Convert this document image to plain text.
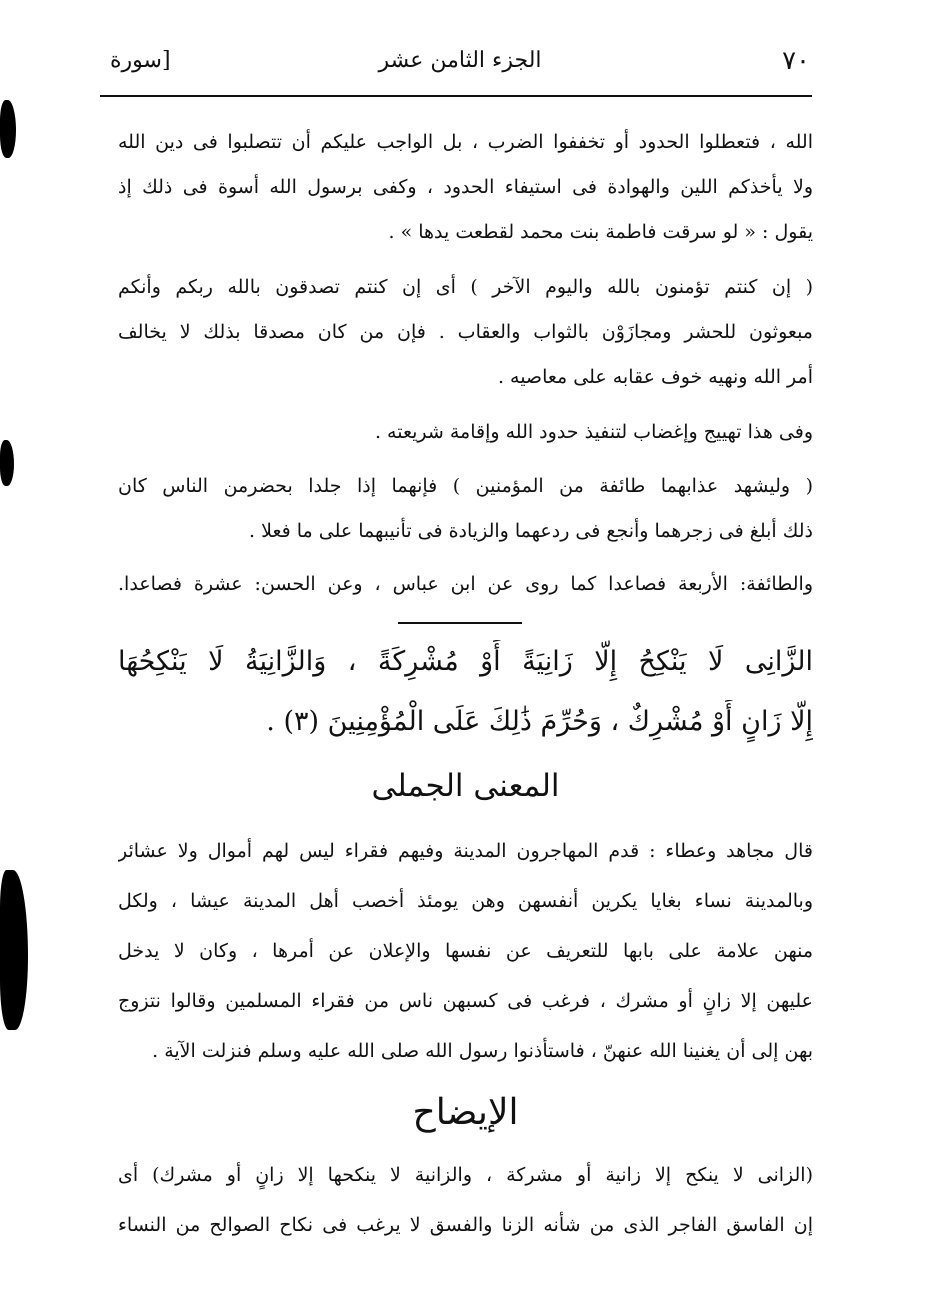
٧٠
الجزء الثامن عشر
[سورة
الله ، فتعطلوا الحدود أو تخففوا الضرب ، بل الواجب عليكم أن تتصلبوا فى دين الله
ولا يأخذكم اللين والهوادة فى استيفاء الحدود ، وكفى برسول الله أسوة فى ذلك إذ
يقول : « لو سرقت فاطمة بنت محمد لقطعت يدها » .
( إن كنتم تؤمنون بالله واليوم الآخر ) أى إن كنتم تصدقون بالله ربكم وأنكم
مبعوثون للحشر ومجازَوْن بالثواب والعقاب . فإن من كان مصدقا بذلك لا يخالف
أمر الله ونهيه خوف عقابه على معاصيه .
وفى هذا تهييج وإغضاب لتنفيذ حدود الله وإقامة شريعته .
( وليشهد عذابهما طائفة من المؤمنين ) فإنهما إذا جلدا بحضرمن الناس كان
ذلك أبلغ فى زجرهما وأنجع فى ردعهما والزيادة فى تأنيبهما على ما فعلا .
والطائفة: الأربعة فصاعدا كما روى عن ابن عباس ، وعن الحسن: عشرة فصاعدا.
الزَّانِى لَا يَنْكِحُ إِلَّا زَانِيَةً أَوْ مُشْرِكَةً ، وَالزَّانِيَةُ لَا يَنْكِحُهَا
إِلَّا زَانٍ أَوْ مُشْرِكٌ ، وَحُرِّمَ ذَٰلِكَ عَلَى الْمُؤْمِنِينَ (٣) .
المعنى الجملى
قال مجاهد وعطاء : قدم المهاجرون المدينة وفيهم فقراء ليس لهم أموال ولا عشائر
وبالمدينة نساء بغايا يكرين أنفسهن وهن يومئذ أخصب أهل المدينة عيشا ، ولكل
منهن علامة على بابها للتعريف عن نفسها والإعلان عن أمرها ، وكان لا يدخل
عليهن إلا زانٍ أو مشرك ، فرغب فى كسبهن ناس من فقراء المسلمين وقالوا نتزوج
بهن إلى أن يغنينا الله عنهنّ ، فاستأذنوا رسول الله صلى الله عليه وسلم فنزلت الآية .
الإيضاح
(الزانى لا ينكح إلا زانية أو مشركة ، والزانية لا ينكحها إلا زانٍ أو مشرك) أى
إن الفاسق الفاجر الذى من شأنه الزنا والفسق لا يرغب فى نكاح الصوالح من النساء
